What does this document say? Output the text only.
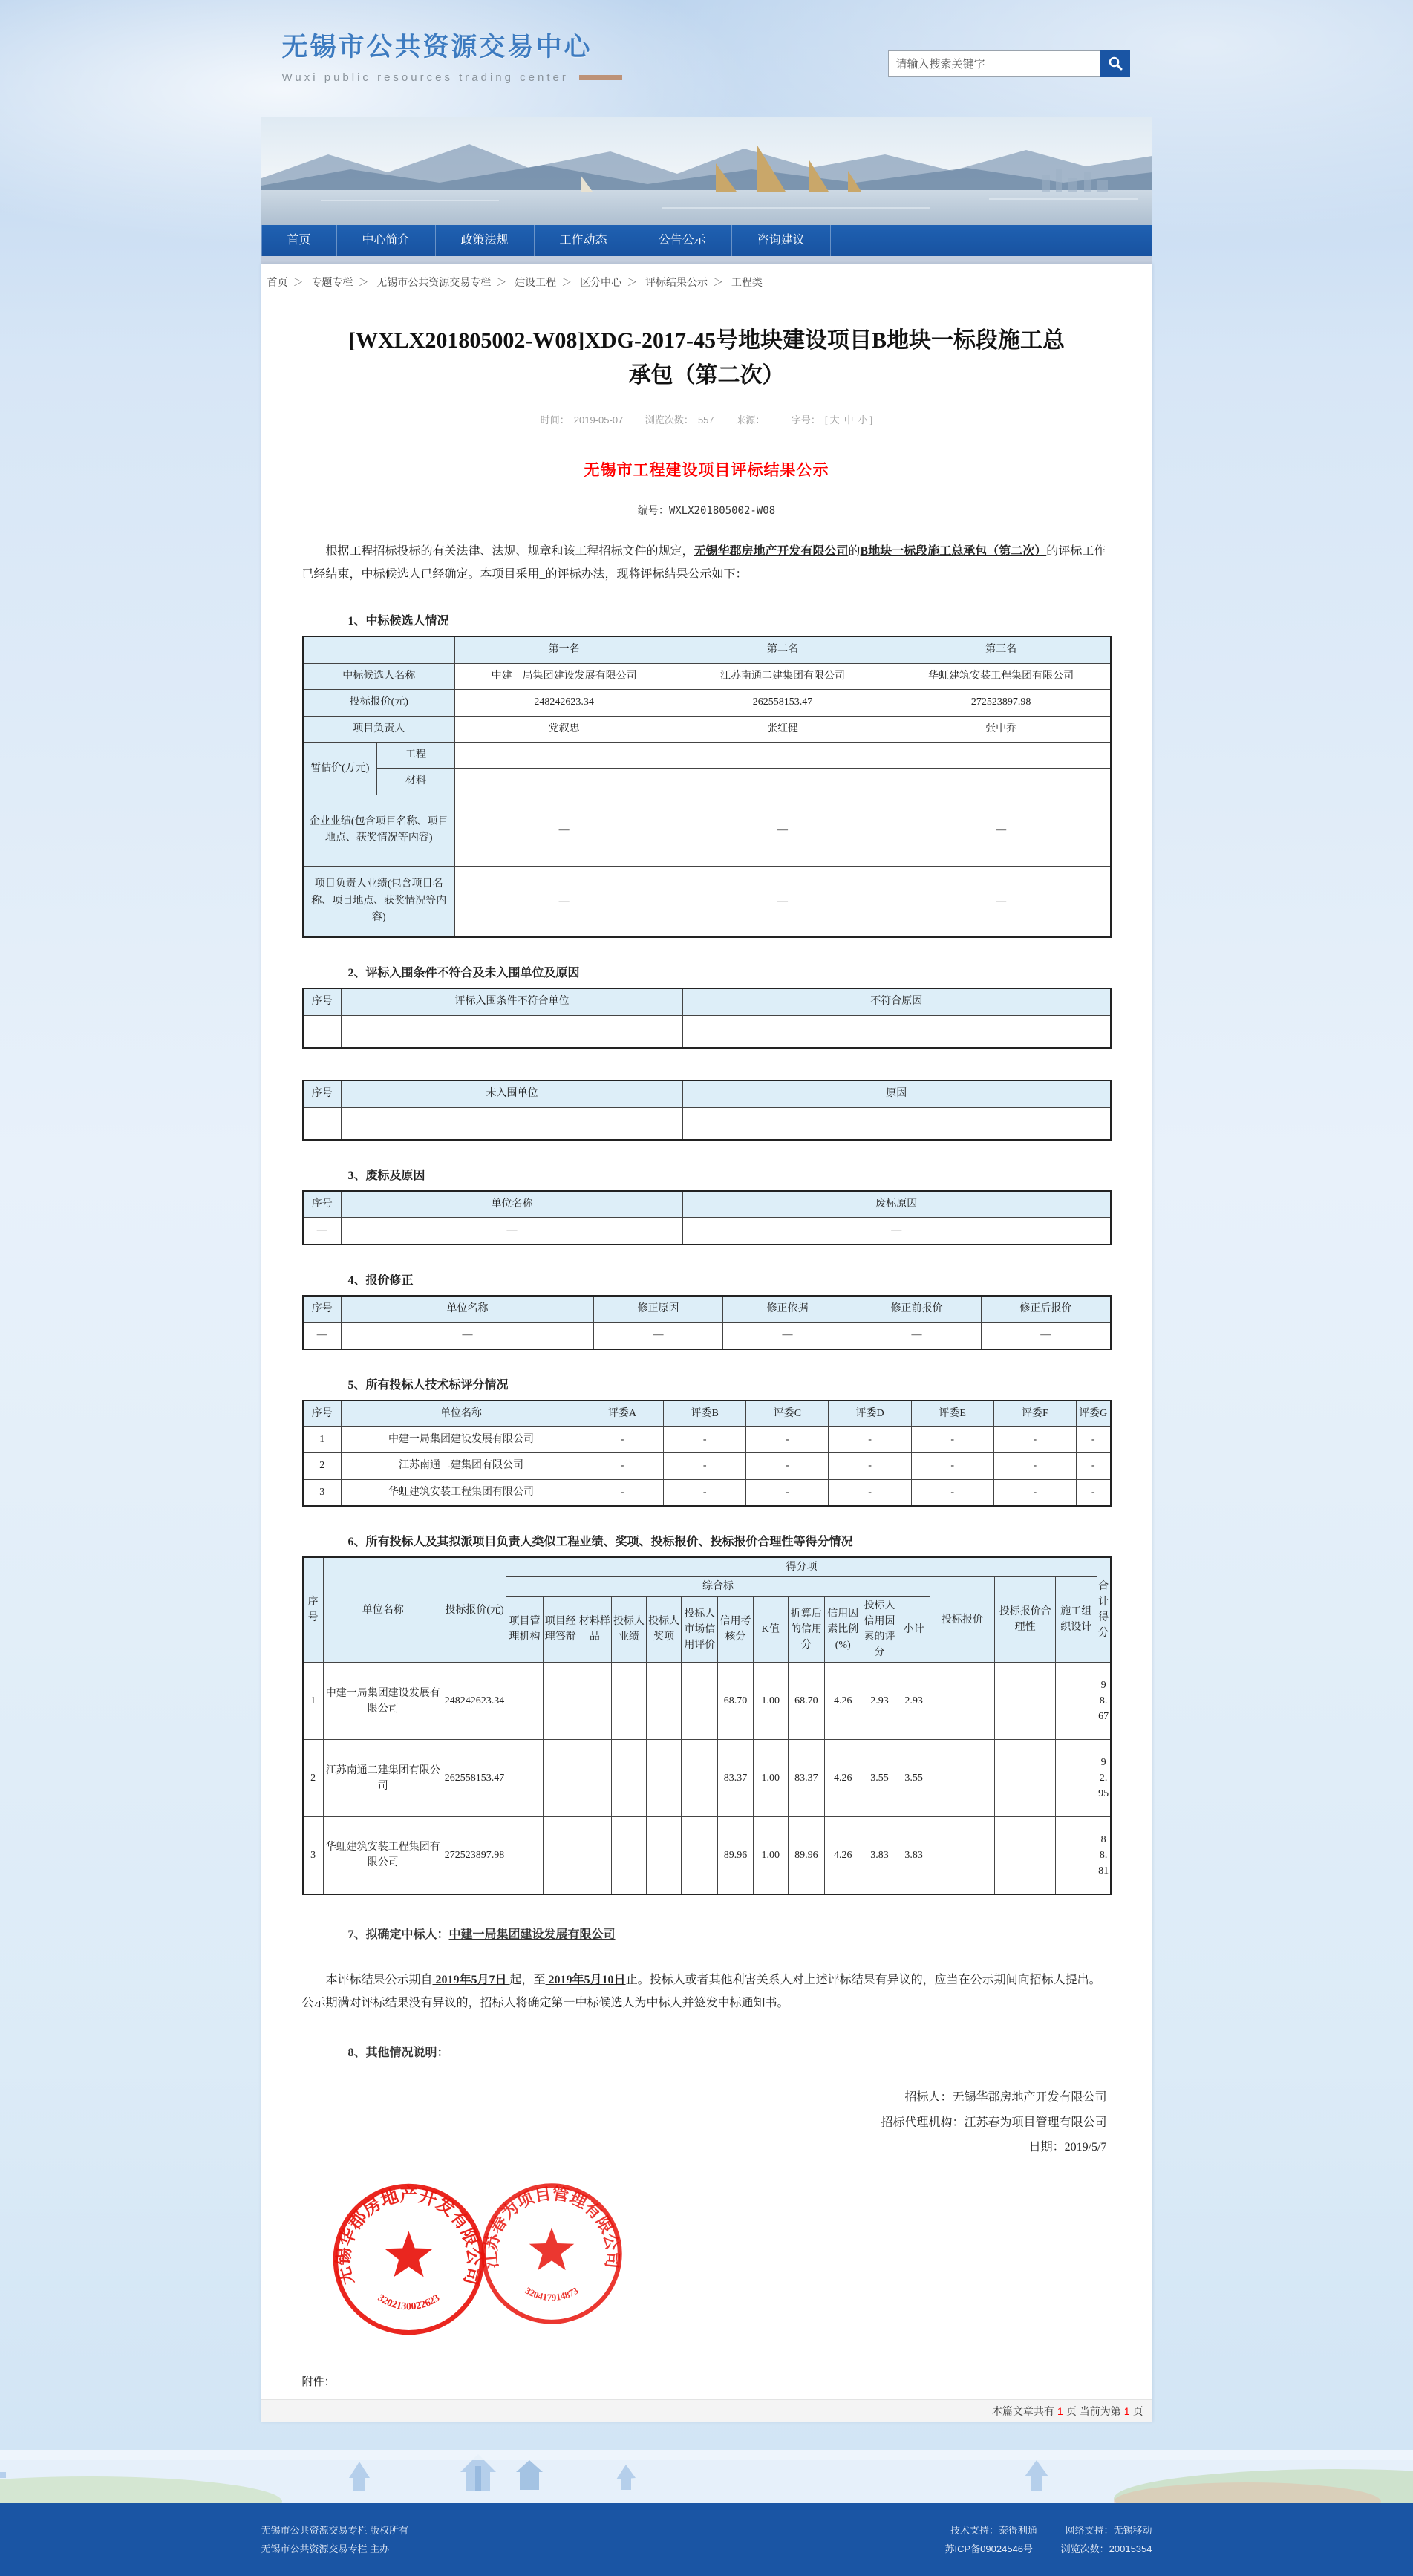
无锡市公共资源交易中心
Wuxi public resources trading center
请输入搜索关键字
首页	中心简介	政策法规	工作动态	公告公示	咨询建议
首页 ＞ 专题专栏 ＞ 无锡市公共资源交易专栏 ＞ 建设工程 ＞ 区分中心 ＞ 评标结果公示 ＞ 工程类
[WXLX201805002-W08]XDG-2017-45号地块建设项目B地块一标段施工总承包（第二次）
时间： 2019-05-07 浏览次数： 557 来源：	字号： [ 大 中 小 ]
无锡市工程建设项目评标结果公示
编号：WXLX201805002-W08

根据工程招标投标的有关法律、法规、规章和该工程招标文件的规定，无锡华郡房地产开发有限公司的B地块一标段施工总承包（第二次）的评标工作已经结束，中标候选人已经确定。本项目采用_的评标办法，现将评标结果公示如下：

1、中标候选人情况
		第一名	第二名	第三名
中标候选人名称		中建一局集团建设发展有限公司	江苏南通二建集团有限公司	华虹建筑安装工程集团有限公司
投标报价(元)		248242623.34	262558153.47	272523897.98
项目负责人		党叙忠	张红健	张中乔
暂估价(万元)	工程			
	材料			
企业业绩(包含项目名称、项目地点、获奖情况等内容)		—	—	—
项目负责人业绩(包含项目名称、项目地点、获奖情况等内容)		—	—	—
2、评标入围条件不符合及未入围单位及原因
序号	评标入围条件不符合单位	不符合原因

序号	未入围单位	原因

3、废标及原因
序号	单位名称	废标原因
—	—	—
4、报价修正
序号	单位名称	修正原因	修正依据	修正前报价	修正后报价
—	—	—	—	—	—
5、所有投标人技术标评分情况
序号	单位名称	评委A	评委B	评委C	评委D	评委E	评委F	评委G
1	中建一局集团建设发展有限公司	-	-	-	-	-	-	-
2	江苏南通二建集团有限公司	-	-	-	-	-	-	-
3	华虹建筑安装工程集团有限公司	-	-	-	-	-	-	-
6、所有投标人及其拟派项目负责人类似工程业绩、奖项、投标报价、投标报价合理性等得分情况
序号	单位名称	投标报价(元)	得分项															合计得分
			综合标												投标报价	投标报价合理性	施工组织设计	
			项目管理机构	项目经理答辩	材料样品	投标人业绩	投标人奖项	投标人市场信用评价	信用考核分	K值	折算后的信用分	信用因素比例(%)	投标人信用因素的评分	小计				
1	中建一局集团建设发展有限公司	248242623.34							68.70	1.00	68.70	4.26	2.93	2.93				98.67
2	江苏南通二建集团有限公司	262558153.47							83.37	1.00	83.37	4.26	3.55	3.55				92.95
3	华虹建筑安装工程集团有限公司	272523897.98							89.96	1.00	89.96	4.26	3.83	3.83				88.81
7、拟确定中标人：中建一局集团建设发展有限公司

本评标结果公示期自 2019年5月7日 起，至 2019年5月10日止。投标人或者其他利害关系人对上述评标结果有异议的，应当在公示期间向招标人提出。公示期满对评标结果没有异议的，招标人将确定第一中标候选人为中标人并签发中标通知书。

8、其他情况说明：
招标人：无锡华郡房地产开发有限公司
招标代理机构：江苏春为项目管理有限公司
日期：2019/5/7
无锡华郡房地产开发有限公司
3202130022623
江苏春为项目管理有限公司
320417914873
附件：
本篇文章共有 1 页 当前为第 1 页
无锡市公共资源交易专栏 版权所有	技术支持：泰得利通	网络支持：无锡移动
无锡市公共资源交易专栏 主办	苏ICP备09024546号	浏览次数：20015354
